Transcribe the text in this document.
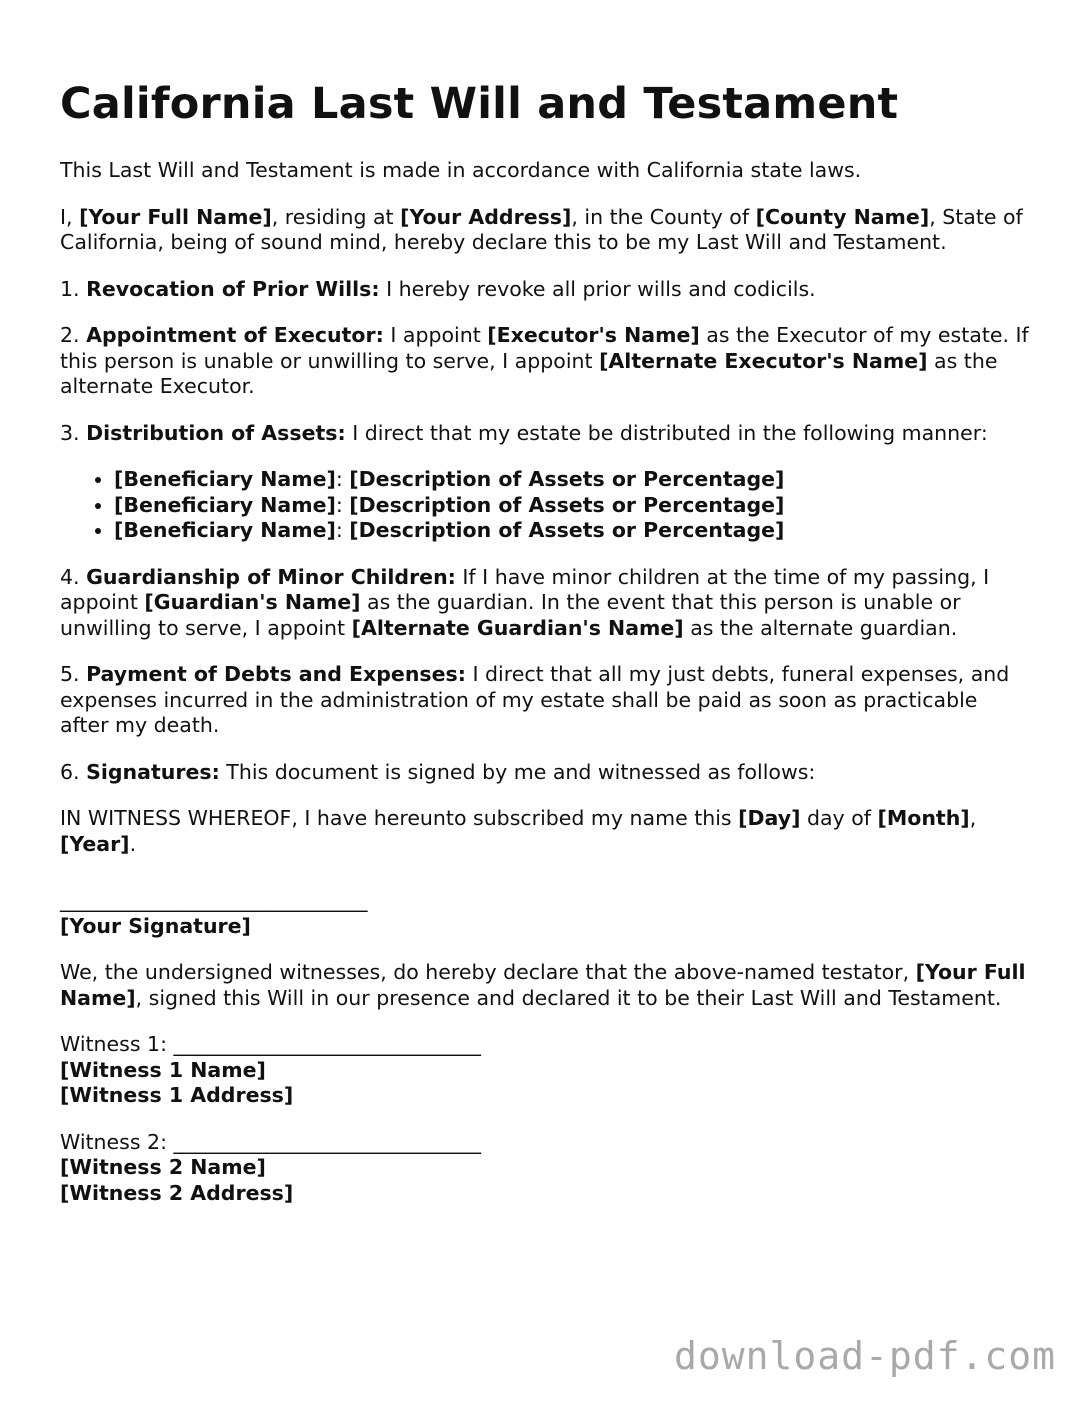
California Last Will and Testament

This Last Will and Testament is made in accordance with California state laws.

I, [Your Full Name], residing at [Your Address], in the County of [County Name], State of California, being of sound mind, hereby declare this to be my Last Will and Testament.

1. Revocation of Prior Wills: I hereby revoke all prior wills and codicils.

2. Appointment of Executor: I appoint [Executor's Name] as the Executor of my estate. If this person is unable or unwilling to serve, I appoint [Alternate Executor's Name] as the alternate Executor.

3. Distribution of Assets: I direct that my estate be distributed in the following manner:

• [Beneficiary Name]: [Description of Assets or Percentage]
• [Beneficiary Name]: [Description of Assets or Percentage]
• [Beneficiary Name]: [Description of Assets or Percentage]

4. Guardianship of Minor Children: If I have minor children at the time of my passing, I appoint [Guardian's Name] as the guardian. In the event that this person is unable or unwilling to serve, I appoint [Alternate Guardian's Name] as the alternate guardian.

5. Payment of Debts and Expenses: I direct that all my just debts, funeral expenses, and expenses incurred in the administration of my estate shall be paid as soon as practicable after my death.

6. Signatures: This document is signed by me and witnessed as follows:

IN WITNESS WHEREOF, I have hereunto subscribed my name this [Day] day of [Month], [Year].

______________________________
[Your Signature]

We, the undersigned witnesses, do hereby declare that the above-named testator, [Your Full Name], signed this Will in our presence and declared it to be their Last Will and Testament.

Witness 1: ______________________________
[Witness 1 Name]
[Witness 1 Address]
Witness 2: ______________________________
[Witness 2 Name]
[Witness 2 Address]
download-pdf.com
